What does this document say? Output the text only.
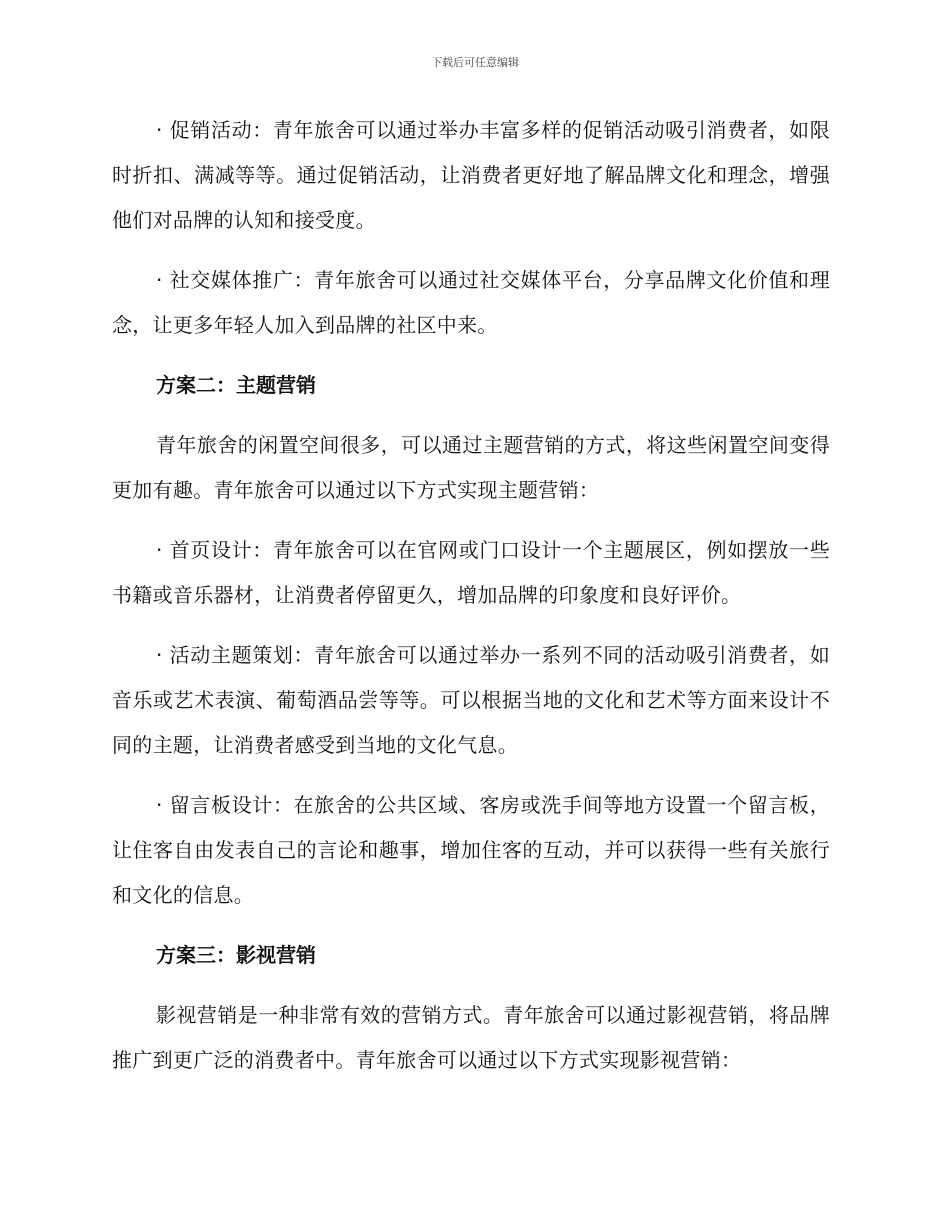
下载后可任意编辑

· 促销活动：青年旅舍可以通过举办丰富多样的促销活动吸引消费者，如限时折扣、满减等等。通过促销活动，让消费者更好地了解品牌文化和理念，增强他们对品牌的认知和接受度。

· 社交媒体推广：青年旅舍可以通过社交媒体平台，分享品牌文化价值和理念，让更多年轻人加入到品牌的社区中来。

方案二：主题营销

青年旅舍的闲置空间很多，可以通过主题营销的方式，将这些闲置空间变得更加有趣。青年旅舍可以通过以下方式实现主题营销：

· 首页设计：青年旅舍可以在官网或门口设计一个主题展区，例如摆放一些书籍或音乐器材，让消费者停留更久，增加品牌的印象度和良好评价。

· 活动主题策划：青年旅舍可以通过举办一系列不同的活动吸引消费者，如音乐或艺术表演、葡萄酒品尝等等。可以根据当地的文化和艺术等方面来设计不同的主题，让消费者感受到当地的文化气息。

· 留言板设计：在旅舍的公共区域、客房或洗手间等地方设置一个留言板，让住客自由发表自己的言论和趣事，增加住客的互动，并可以获得一些有关旅行和文化的信息。

方案三：影视营销

影视营销是一种非常有效的营销方式。青年旅舍可以通过影视营销，将品牌推广到更广泛的消费者中。青年旅舍可以通过以下方式实现影视营销：
